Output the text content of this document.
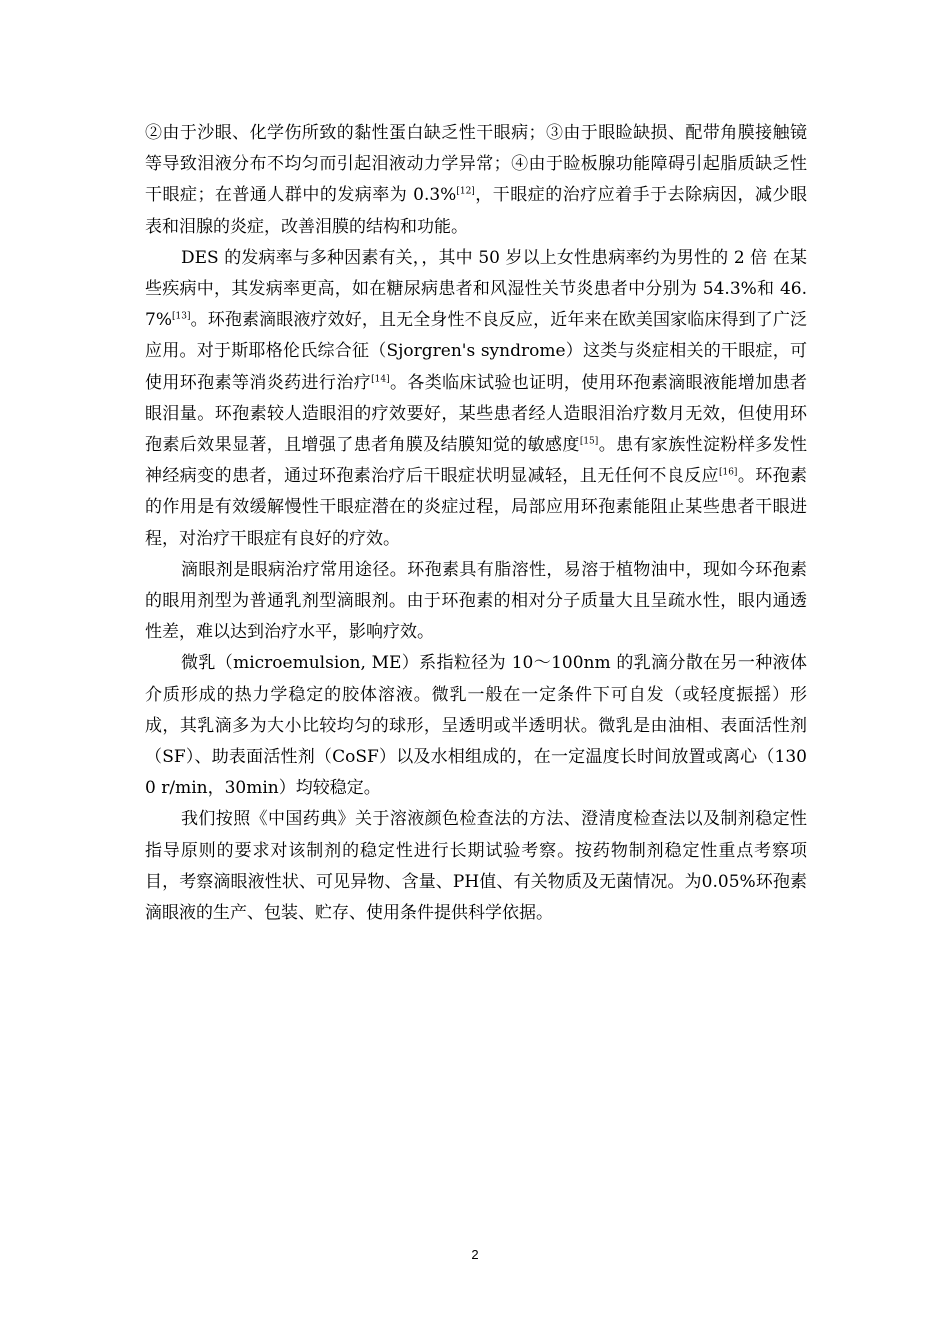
②由于沙眼、化学伤所致的黏性蛋白缺乏性干眼病；③由于眼睑缺损、配带角膜接触镜等导致泪液分布不均匀而引起泪液动力学异常；④由于睑板腺功能障碍引起脂质缺乏性干眼症；在普通人群中的发病率为 0.3%[12]，干眼症的治疗应着手于去除病因，减少眼表和泪腺的炎症，改善泪膜的结构和功能。

DES 的发病率与多种因素有关，，其中 50 岁以上女性患病率约为男性的 2 倍 在某些疾病中，其发病率更高，如在糖尿病患者和风湿性关节炎患者中分别为 54.3%和 46.7%[13]。环孢素滴眼液疗效好，且无全身性不良反应，近年来在欧美国家临床得到了广泛应用。对于斯耶格伦氏综合征（Sjorgren's syndrome）这类与炎症相关的干眼症，可使用环孢素等消炎药进行治疗[14]。各类临床试验也证明，使用环孢素滴眼液能增加患者眼泪量。环孢素较人造眼泪的疗效要好，某些患者经人造眼泪治疗数月无效，但使用环孢素后效果显著，且增强了患者角膜及结膜知觉的敏感度[15]。患有家族性淀粉样多发性神经病变的患者，通过环孢素治疗后干眼症状明显减轻，且无任何不良反应[16]。环孢素的作用是有效缓解慢性干眼症潜在的炎症过程，局部应用环孢素能阻止某些患者干眼进程，对治疗干眼症有良好的疗效。

滴眼剂是眼病治疗常用途径。环孢素具有脂溶性，易溶于植物油中，现如今环孢素的眼用剂型为普通乳剂型滴眼剂。由于环孢素的相对分子质量大且呈疏水性，眼内通透性差，难以达到治疗水平，影响疗效。

微乳（microemulsion, ME）系指粒径为 10～100nm 的乳滴分散在另一种液体介质形成的热力学稳定的胶体溶液。微乳一般在一定条件下可自发（或轻度振摇）形成，其乳滴多为大小比较均匀的球形，呈透明或半透明状。微乳是由油相、表面活性剂（SF）、助表面活性剂（CoSF）以及水相组成的，在一定温度长时间放置或离心（1300 r/min，30min）均较稳定。

我们按照《中国药典》关于溶液颜色检查法的方法、澄清度检查法以及制剂稳定性指导原则的要求对该制剂的稳定性进行长期试验考察。按药物制剂稳定性重点考察项目，考察滴眼液性状、可见异物、含量、PH值、有关物质及无菌情况。为0.05%环孢素滴眼液的生产、包装、贮存、使用条件提供科学依据。

2
